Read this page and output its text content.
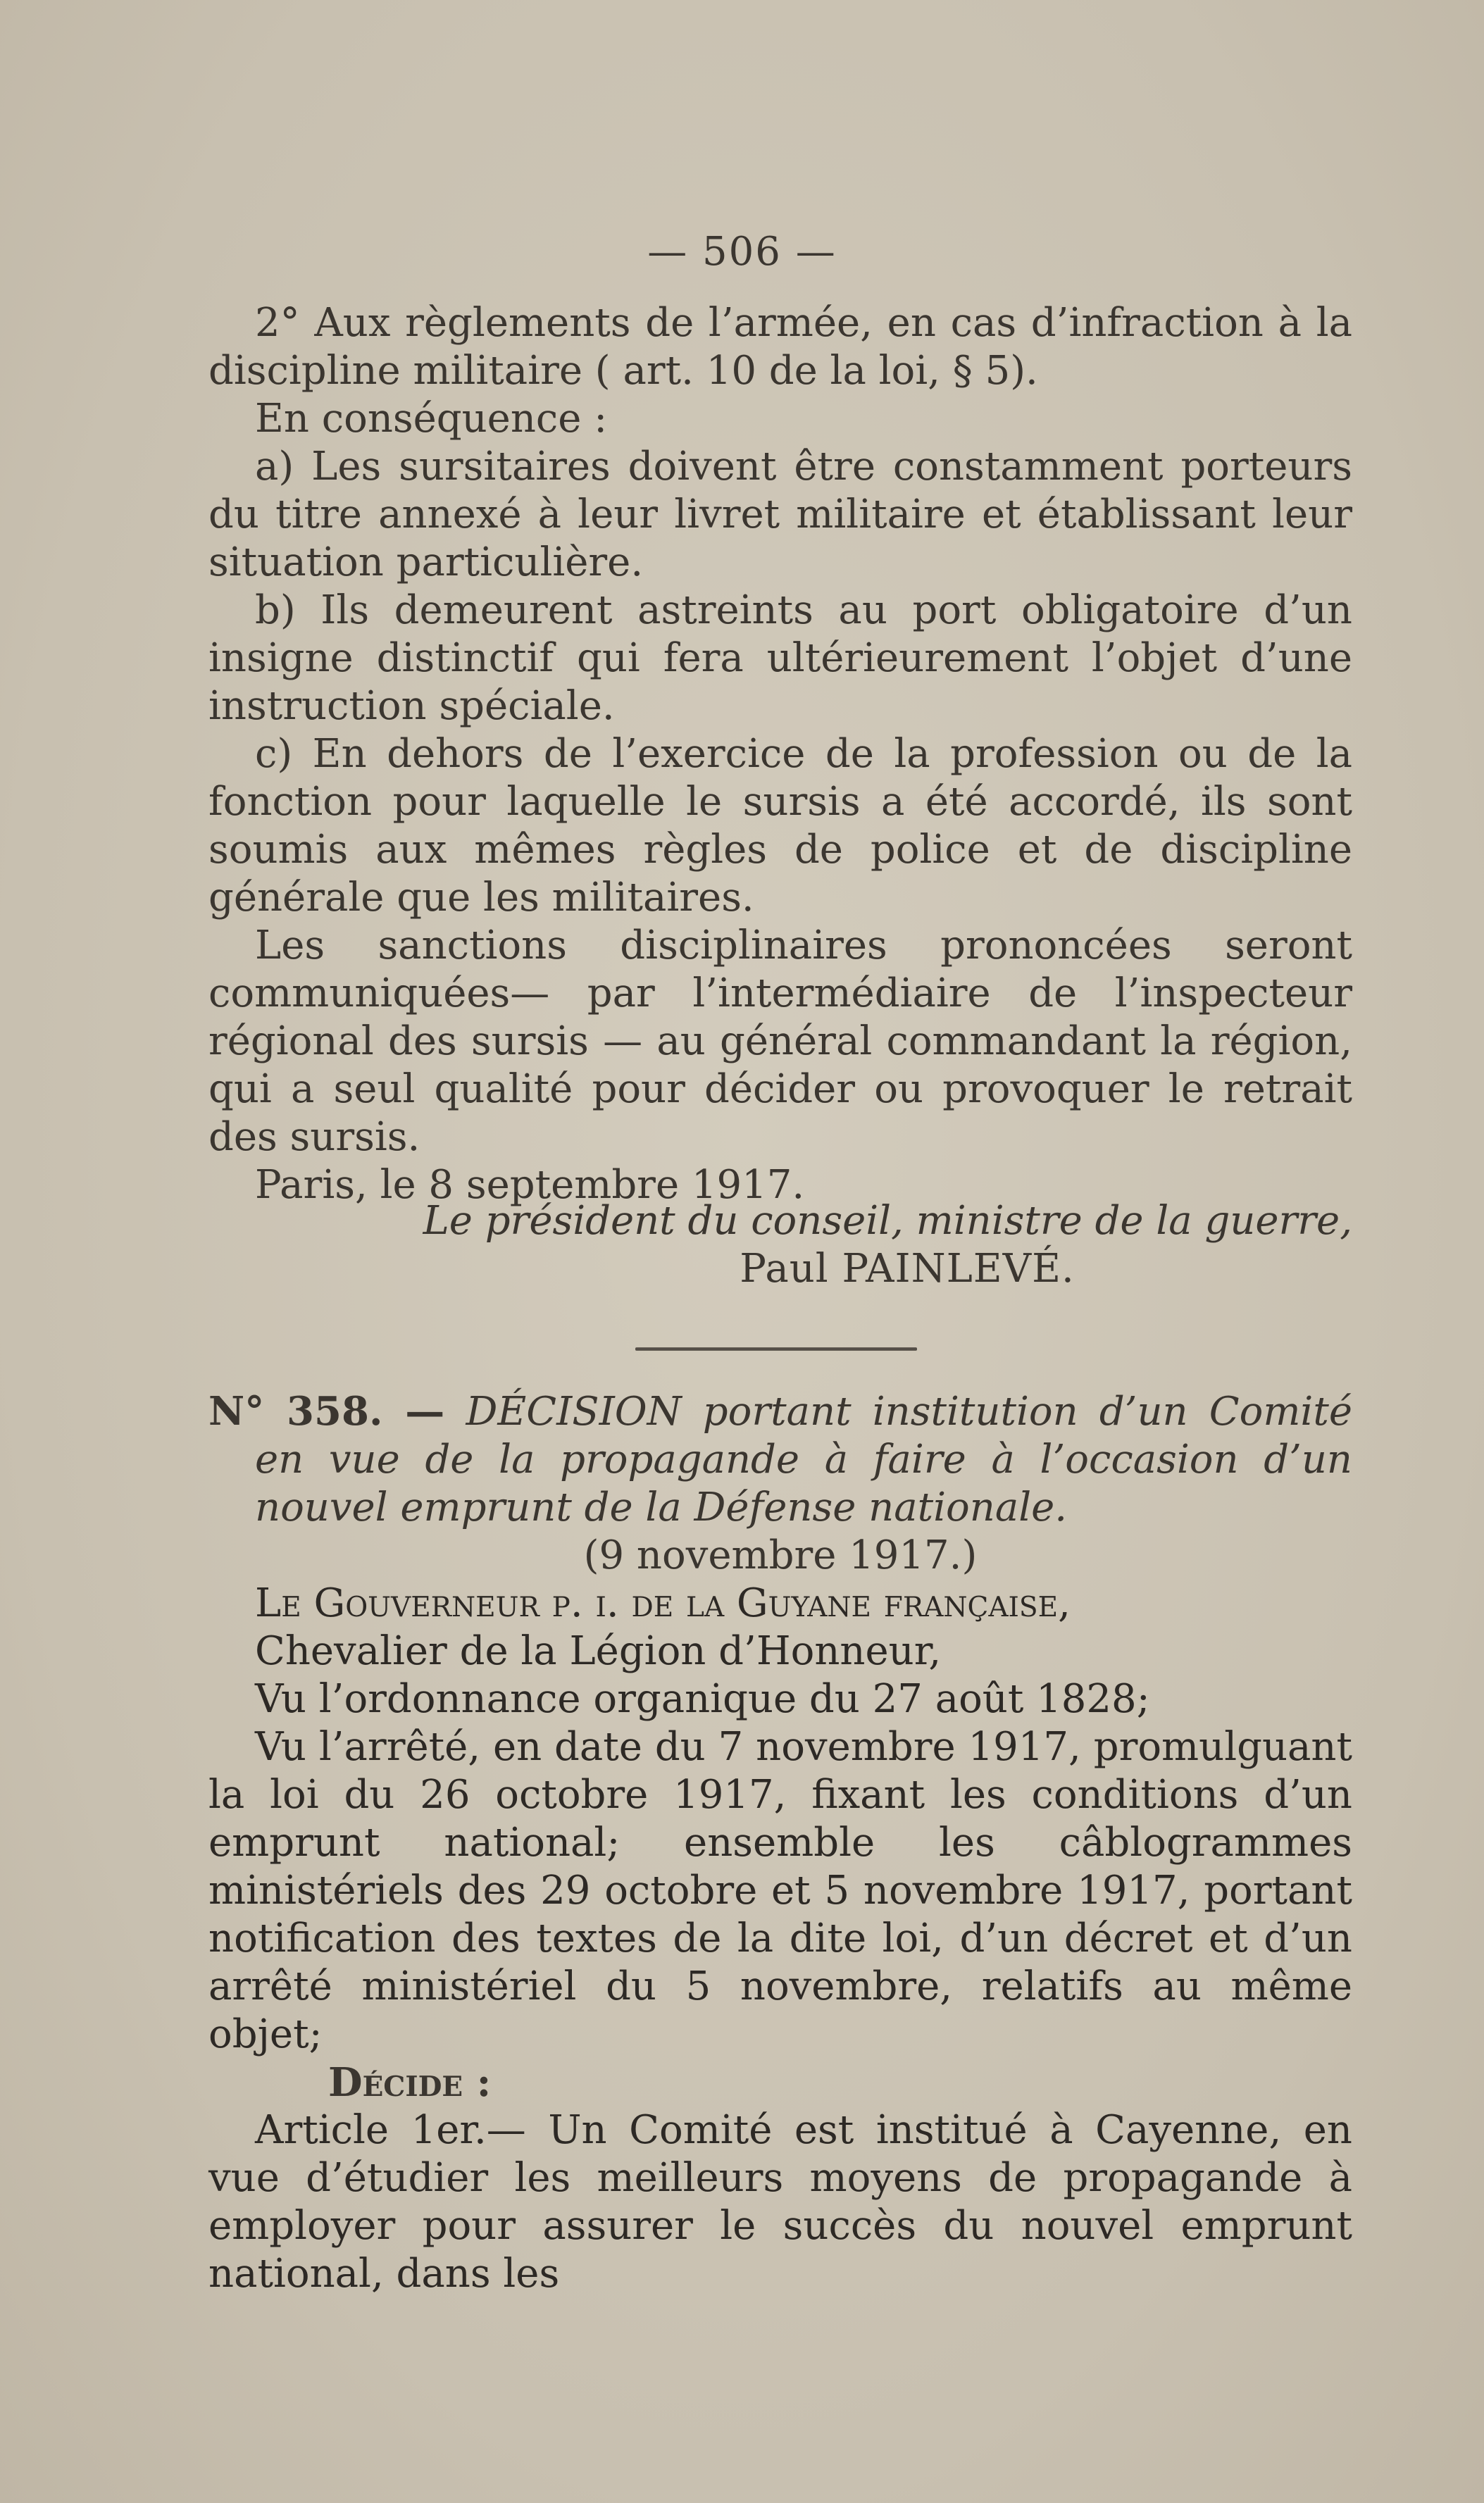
— 506 —

2° Aux règlements de l’armée, en cas d’infraction à la discipline militaire ( art. 10 de la loi, § 5).

En conséquence :

a) Les sursitaires doivent être constamment porteurs du titre annexé à leur livret militaire et établissant leur situation particulière.

b) Ils demeurent astreints au port obligatoire d’un insigne distinctif qui fera ultérieurement l’objet d’une instruction spéciale.

c) En dehors de l’exercice de la profession ou de la fonction pour laquelle le sursis a été accordé, ils sont soumis aux mêmes règles de police et de discipline générale que les militaires.

Les sanctions disciplinaires prononcées seront communiquées— par l’intermédiaire de l’inspecteur régional des sursis — au général commandant la région, qui a seul qualité pour décider ou provoquer le retrait des sursis.

Paris, le 8 septembre 1917.

Le président du conseil, ministre de la guerre,

Paul PAINLEVÉ.

N° 358. — DÉCISION portant institution d’un Comité en vue de la propagande à faire à l’occasion d’un nouvel emprunt de la Défense nationale.

(9 novembre 1917.)

Le Gouverneur p. i. de la Guyane française,

Chevalier de la Légion d’Honneur,

Vu l’ordonnance organique du 27 août 1828;

Vu l’arrêté, en date du 7 novembre 1917, promulguant la loi du 26 octobre 1917, fixant les conditions d’un emprunt national; ensemble les câblogrammes ministériels des 29 octobre et 5 novembre 1917, portant notification des textes de la dite loi, d’un décret et d’un arrêté ministériel du 5 novembre, relatifs au même objet;

Décide :

Article 1er.— Un Comité est institué à Cayenne, en vue d’étudier les meilleurs moyens de propagande à employer pour assurer le succès du nouvel emprunt national, dans les
